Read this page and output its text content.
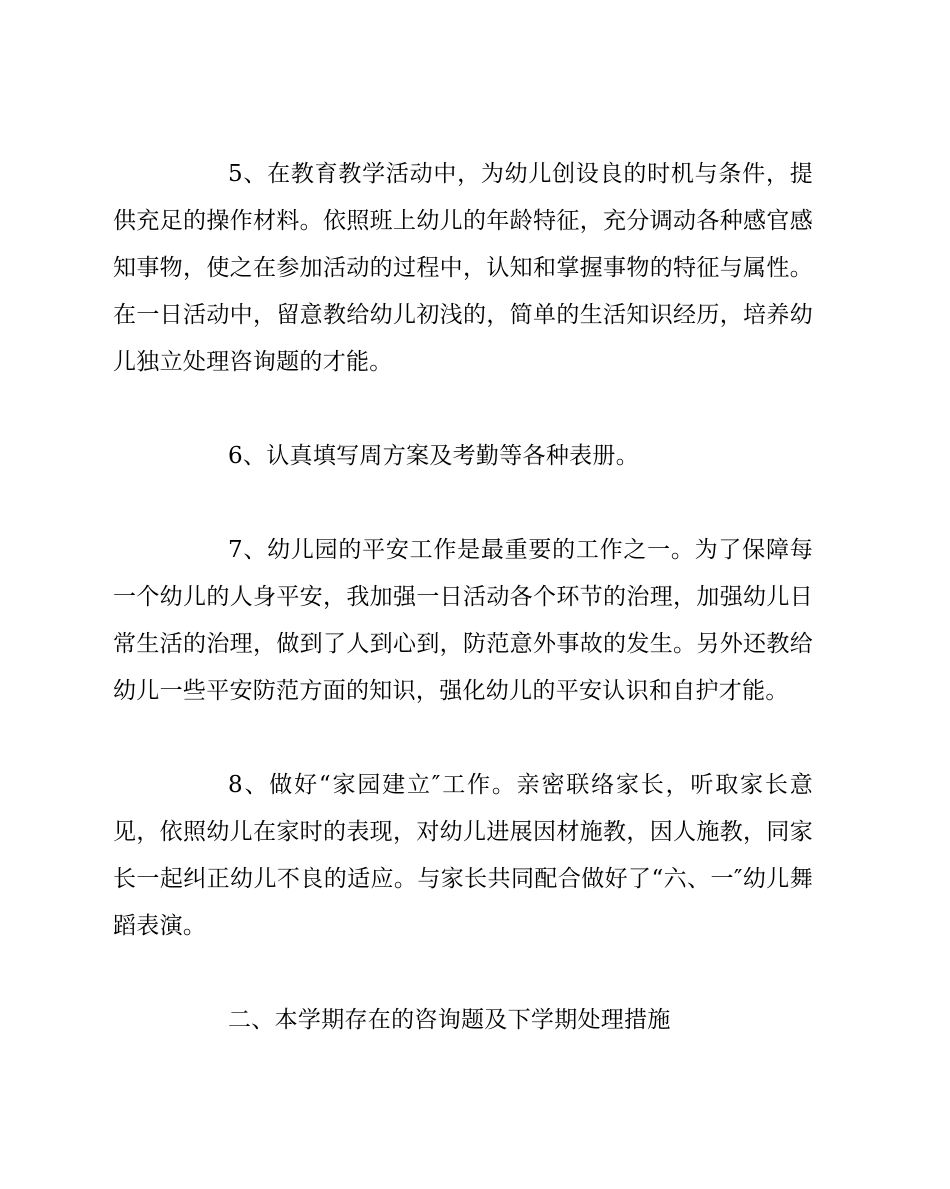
5、在教育教学活动中，为幼儿创设良的时机与条件，提供充足的操作材料。依照班上幼儿的年龄特征，充分调动各种感官感知事物，使之在参加活动的过程中，认知和掌握事物的特征与属性。在一日活动中，留意教给幼儿初浅的，简单的生活知识经历，培养幼儿独立处理咨询题的才能。

6、认真填写周方案及考勤等各种表册。

7、幼儿园的平安工作是最重要的工作之一。为了保障每一个幼儿的人身平安，我加强一日活动各个环节的治理，加强幼儿日常生活的治理，做到了人到心到，防范意外事故的发生。另外还教给幼儿一些平安防范方面的知识，强化幼儿的平安认识和自护才能。

8、做好“家园建立″工作。亲密联络家长，听取家长意见，依照幼儿在家时的表现，对幼儿进展因材施教，因人施教，同家长一起纠正幼儿不良的适应。与家长共同配合做好了“六、一″幼儿舞蹈表演。

二、本学期存在的咨询题及下学期处理措施
